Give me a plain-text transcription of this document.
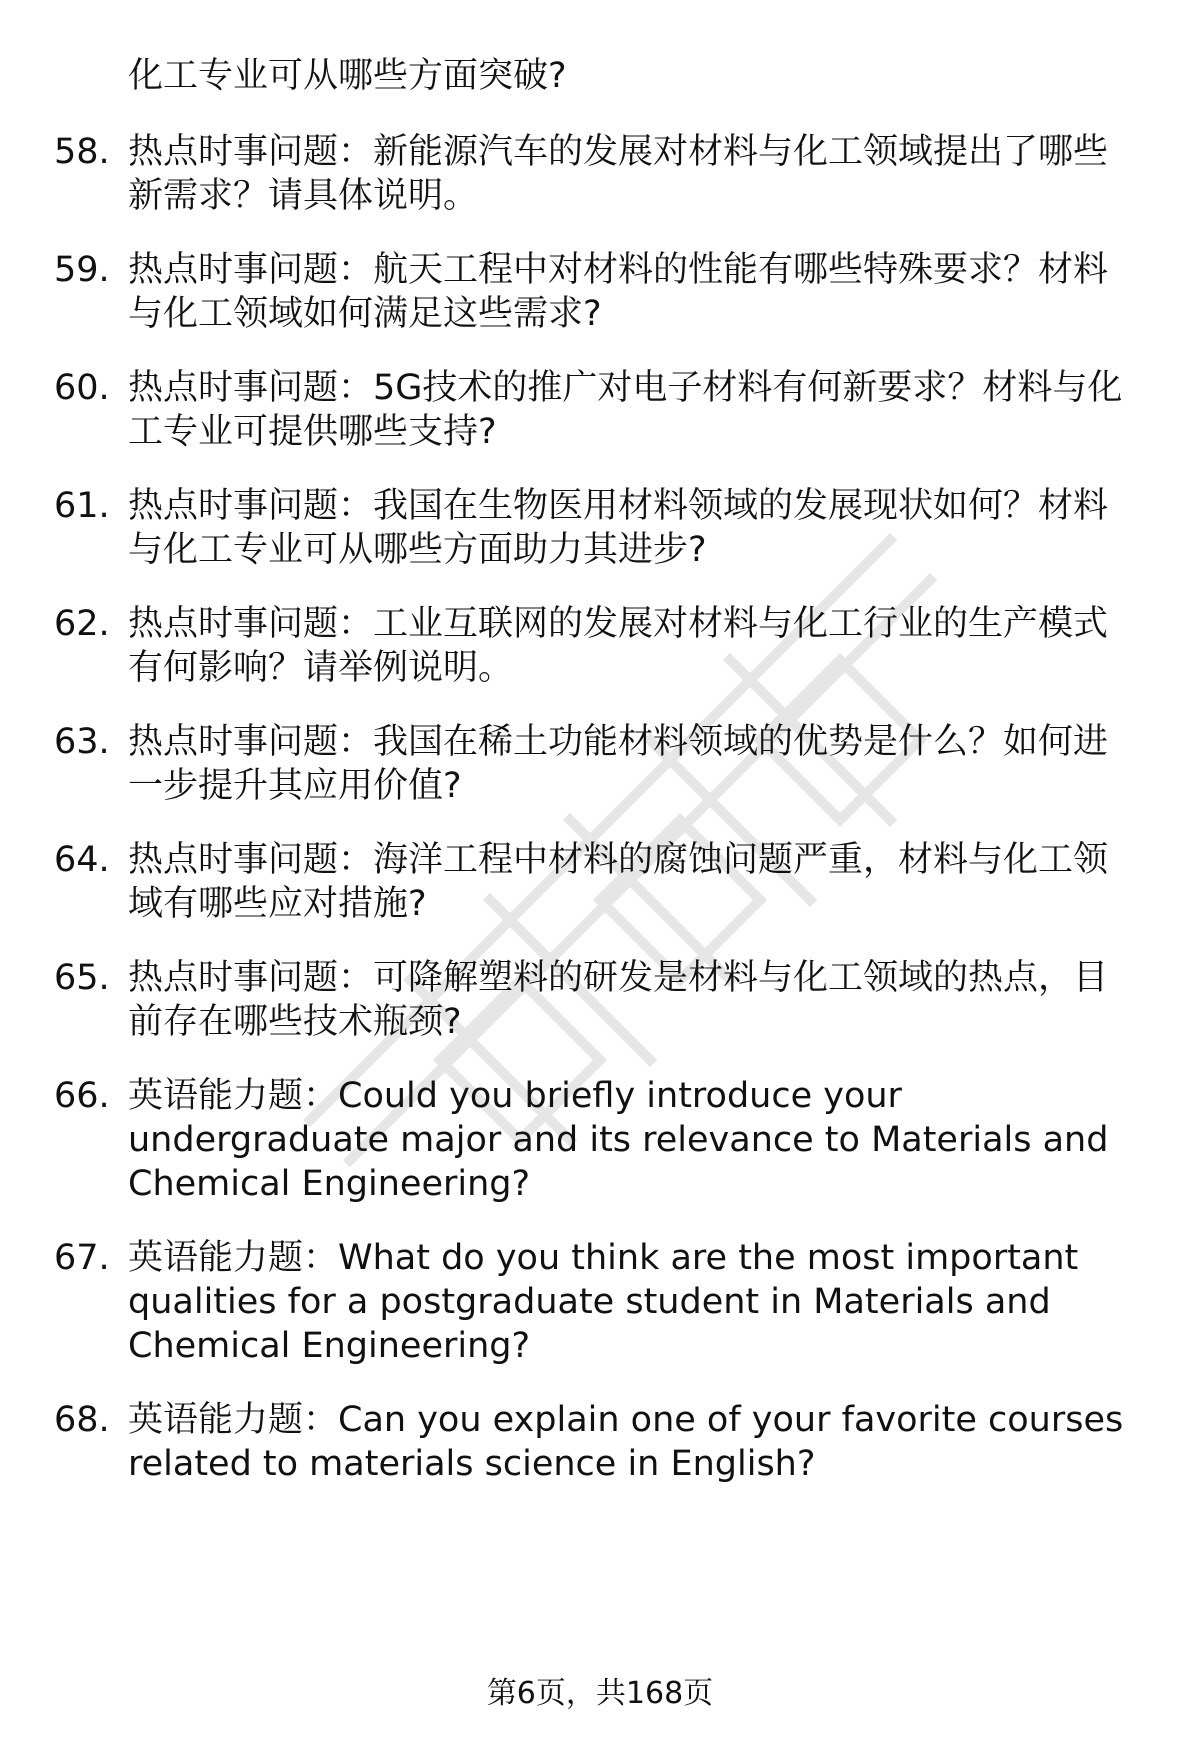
化工专业可从哪些方面突破?
58. 热点时事问题：新能源汽车的发展对材料与化工领域提出了哪些
新需求？请具体说明。
59. 热点时事问题：航天工程中对材料的性能有哪些特殊要求？材料
与化工领域如何满足这些需求?
60. 热点时事问题：5G技术的推广对电子材料有何新要求？材料与化
工专业可提供哪些支持?
61. 热点时事问题：我国在生物医用材料领域的发展现状如何？材料
与化工专业可从哪些方面助力其进步?
62. 热点时事问题：工业互联网的发展对材料与化工行业的生产模式
有何影响？请举例说明。
63. 热点时事问题：我国在稀土功能材料领域的优势是什么？如何进
一步提升其应用价值?
64. 热点时事问题：海洋工程中材料的腐蚀问题严重，材料与化工领
域有哪些应对措施?
65. 热点时事问题：可降解塑料的研发是材料与化工领域的热点，目
前存在哪些技术瓶颈?
66. 英语能力题：Could you briefly introduce your
undergraduate major and its relevance to Materials and
Chemical Engineering?
67. 英语能力题：What do you think are the most important
qualities for a postgraduate student in Materials and
Chemical Engineering?
68. 英语能力题：Can you explain one of your favorite courses
related to materials science in English?
第6页，共168页
